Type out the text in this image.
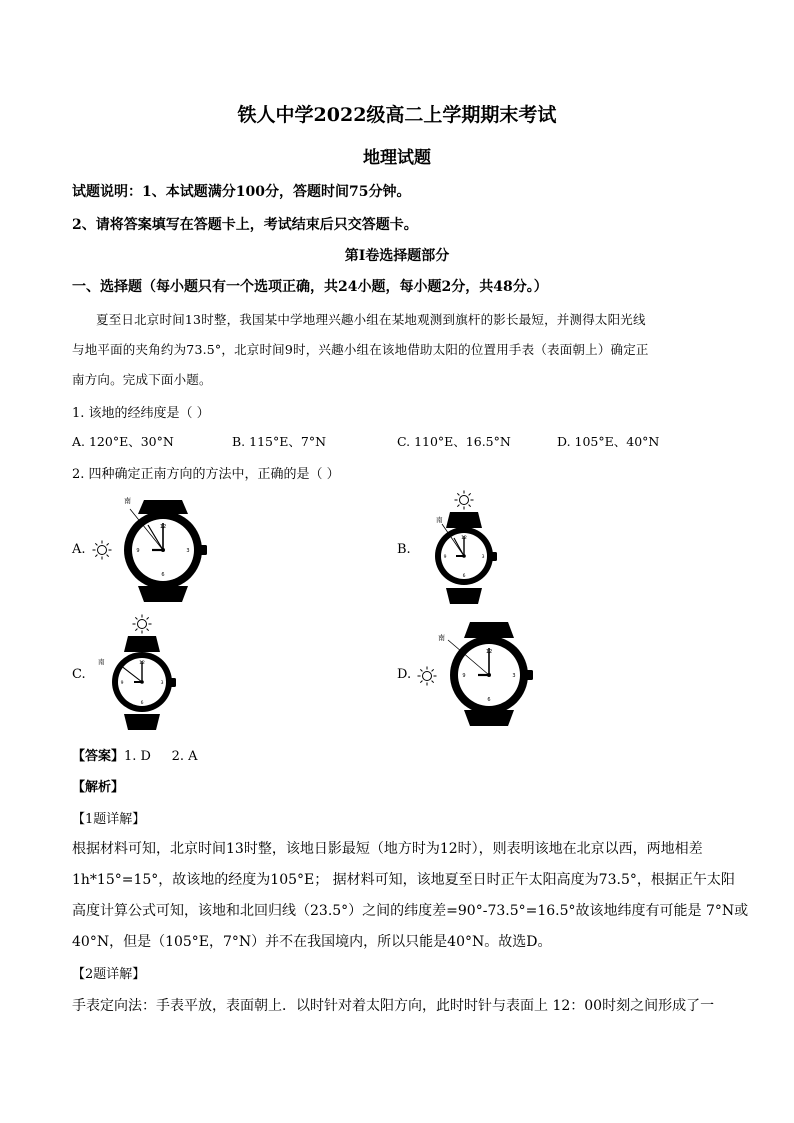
铁人中学2022级高二上学期期末考试
地理试题
试题说明：1、本试题满分100分，答题时间75分钟。
2、请将答案填写在答题卡上，考试结束后只交答题卡。
第Ⅰ卷选择题部分
一、选择题（每小题只有一个选项正确，共24小题，每小题2分，共48分。）
夏至日北京时间13时整，我国某中学地理兴趣小组在某地观测到旗杆的影长最短，并测得太阳光线
与地平面的夹角约为73.5°，北京时间9时，兴趣小组在该地借助太阳的位置用手表（表面朝上）确定正
南方向。完成下面小题。
1. 该地的经纬度是（ ）
A. 120°E、30°N	B. 115°E、7°N	C. 110°E、16.5°N	D. 105°E、40°N
2. 四种确定正南方向的方法中，正确的是（ ）
A.	B.
C.	D.
南
12
3
6
9
南
12
3
6
9
南	12
3
6
9
南
12
3
6
9
【答案】1. D     2. A
【解析】
【1题详解】
根据材料可知，北京时间13时整，该地日影最短（地方时为12时），则表明该地在北京以西，两地相差
1h*15°=15°，故该地的经度为105°E； 据材料可知，该地夏至日时正午太阳高度为73.5°，根据正午太阳
高度计算公式可知，该地和北回归线（23.5°）之间的纬度差=90°-73.5°=16.5°故该地纬度有可能是 7°N或
40°N，但是（105°E，7°N）并不在我国境内，所以只能是40°N。故选D。
【2题详解】
手表定向法：手表平放，表面朝上．以时针对着太阳方向，此时时针与表面上 12：00时刻之间形成了一
